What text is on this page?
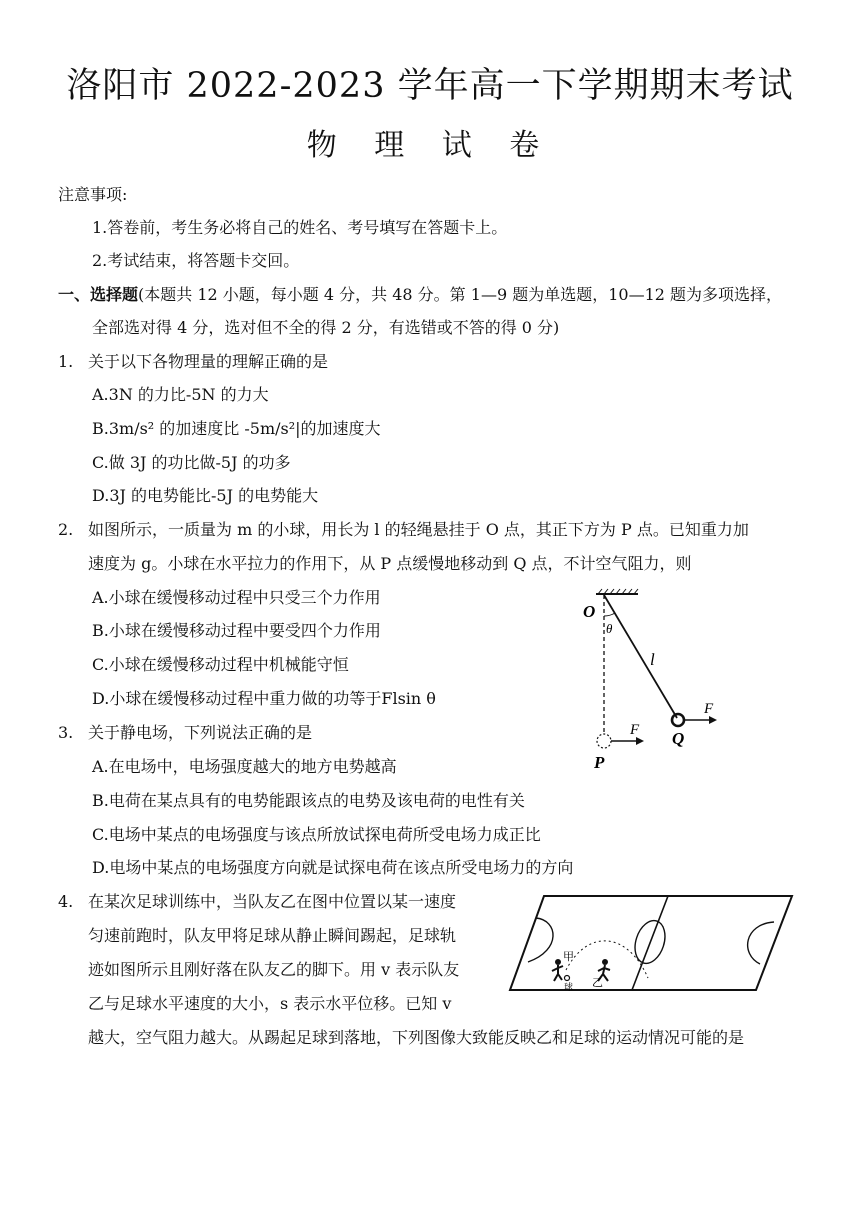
洛阳市 2022-2023 学年高一下学期期末考试
物 理 试 卷
注意事项:
1.答卷前，考生务必将自己的姓名、考号填写在答题卡上。
2.考试结束，将答题卡交回。
一、选择题(本题共 12 小题，每小题 4 分，共 48 分。第 1—9 题为单选题，10—12 题为多项选择，
全部选对得 4 分，选对但不全的得 2 分，有选错或不答的得 0 分)
1. 关于以下各物理量的理解正确的是
A.3N 的力比-5N 的力大
B.3m/s² 的加速度比 -5m/s²|的加速度大
C.做 3J 的功比做-5J 的功多
D.3J 的电势能比-5J 的电势能大
2. 如图所示，一质量为 m 的小球，用长为 l 的轻绳悬挂于 O 点，其正下方为 P 点。已知重力加
速度为 g。小球在水平拉力的作用下，从 P 点缓慢地移动到 Q 点，不计空气阻力，则
A.小球在缓慢移动过程中只受三个力作用
B.小球在缓慢移动过程中要受四个力作用
C.小球在缓慢移动过程中机械能守恒
D.小球在缓慢移动过程中重力做的功等于Flsin θ
O
θ
l
F
F
P
Q
3. 关于静电场，下列说法正确的是
A.在电场中，电场强度越大的地方电势越高
B.电荷在某点具有的电势能跟该点的电势及该电荷的电性有关
C.电场中某点的电场强度与该点所放试探电荷所受电场力成正比
D.电场中某点的电场强度方向就是试探电荷在该点所受电场力的方向
4. 在某次足球训练中，当队友乙在图中位置以某一速度
匀速前跑时，队友甲将足球从静止瞬间踢起，足球轨
迹如图所示且刚好落在队友乙的脚下。用 v 表示队友
乙与足球水平速度的大小，s 表示水平位移。已知 v
越大，空气阻力越大。从踢起足球到落地，下列图像大致能反映乙和足球的运动情况可能的是
甲
乙
球
